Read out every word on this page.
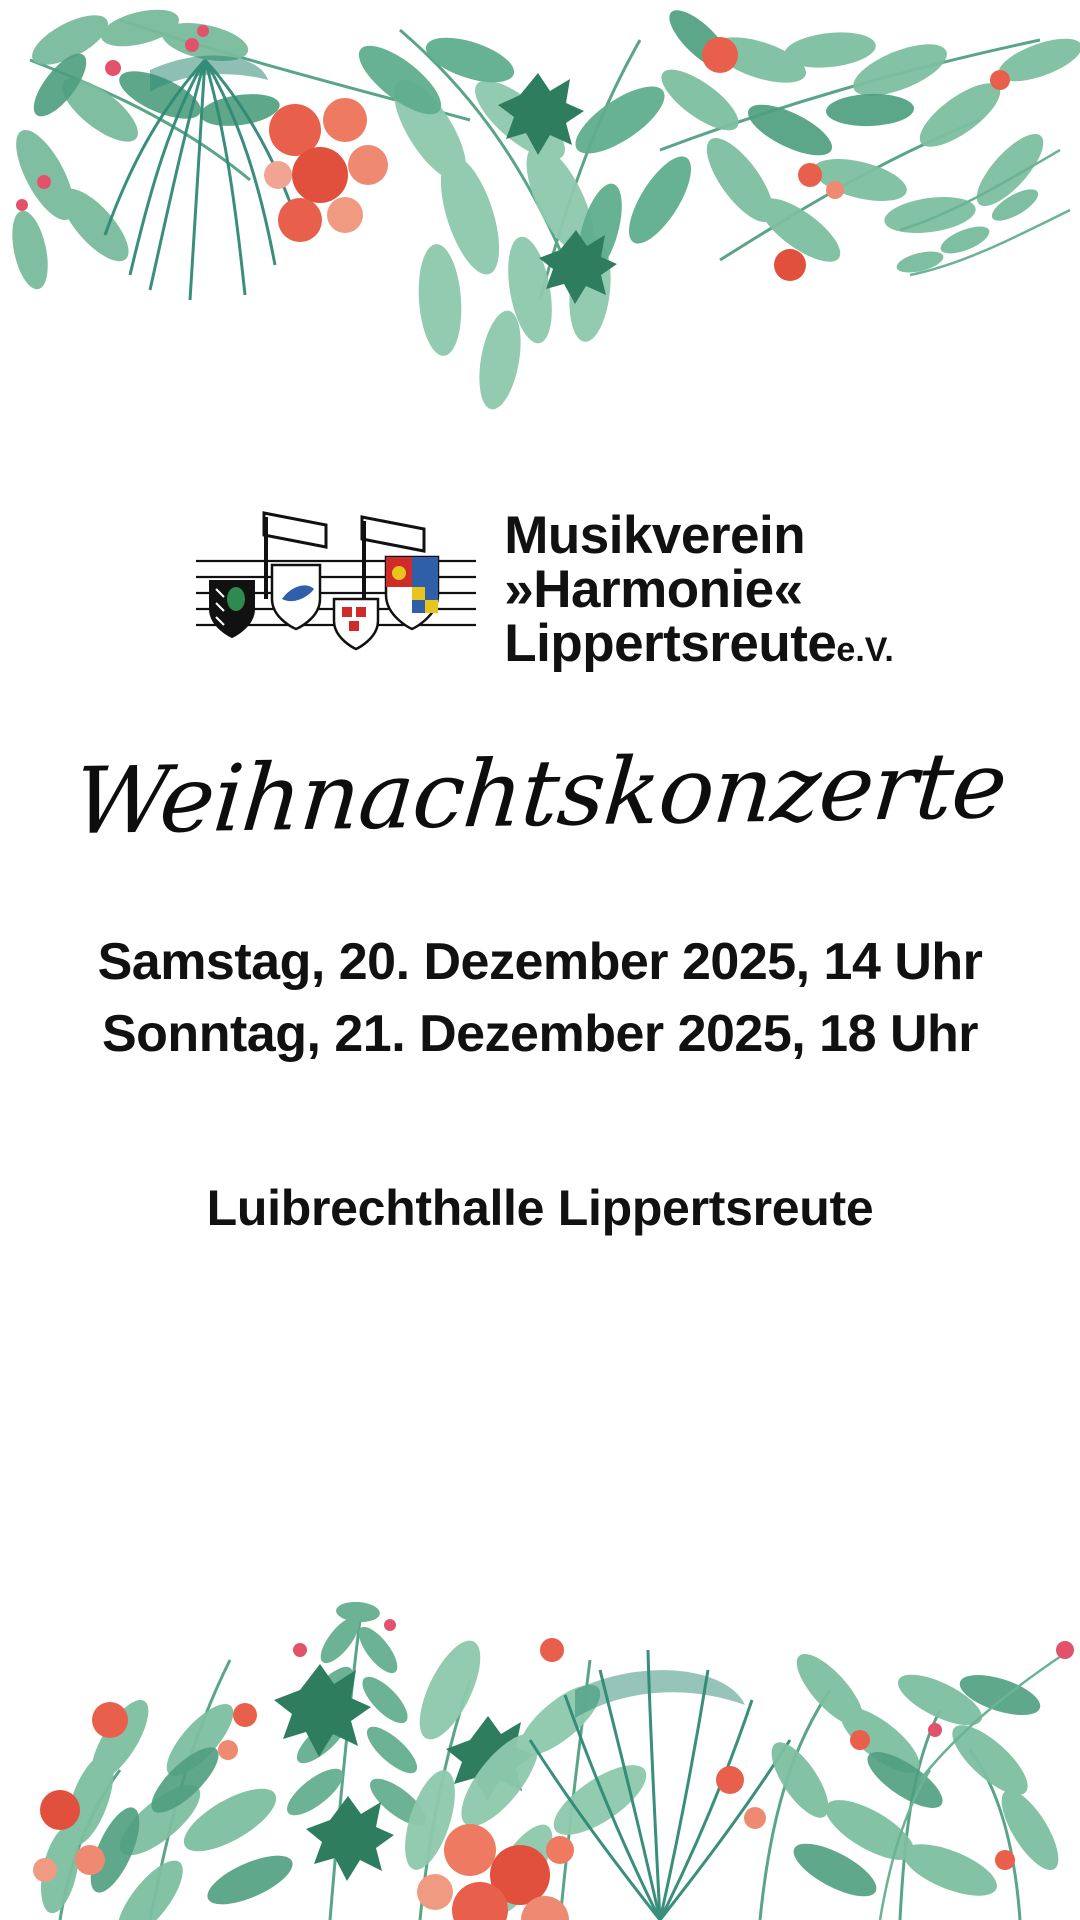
Musikverein
»Harmonie«
Lippertsreutee.V.
Weihnachtskonzerte
Samstag, 20. Dezember 2025, 14 Uhr
Sonntag, 21. Dezember 2025, 18 Uhr
Luibrechthalle Lippertsreute
